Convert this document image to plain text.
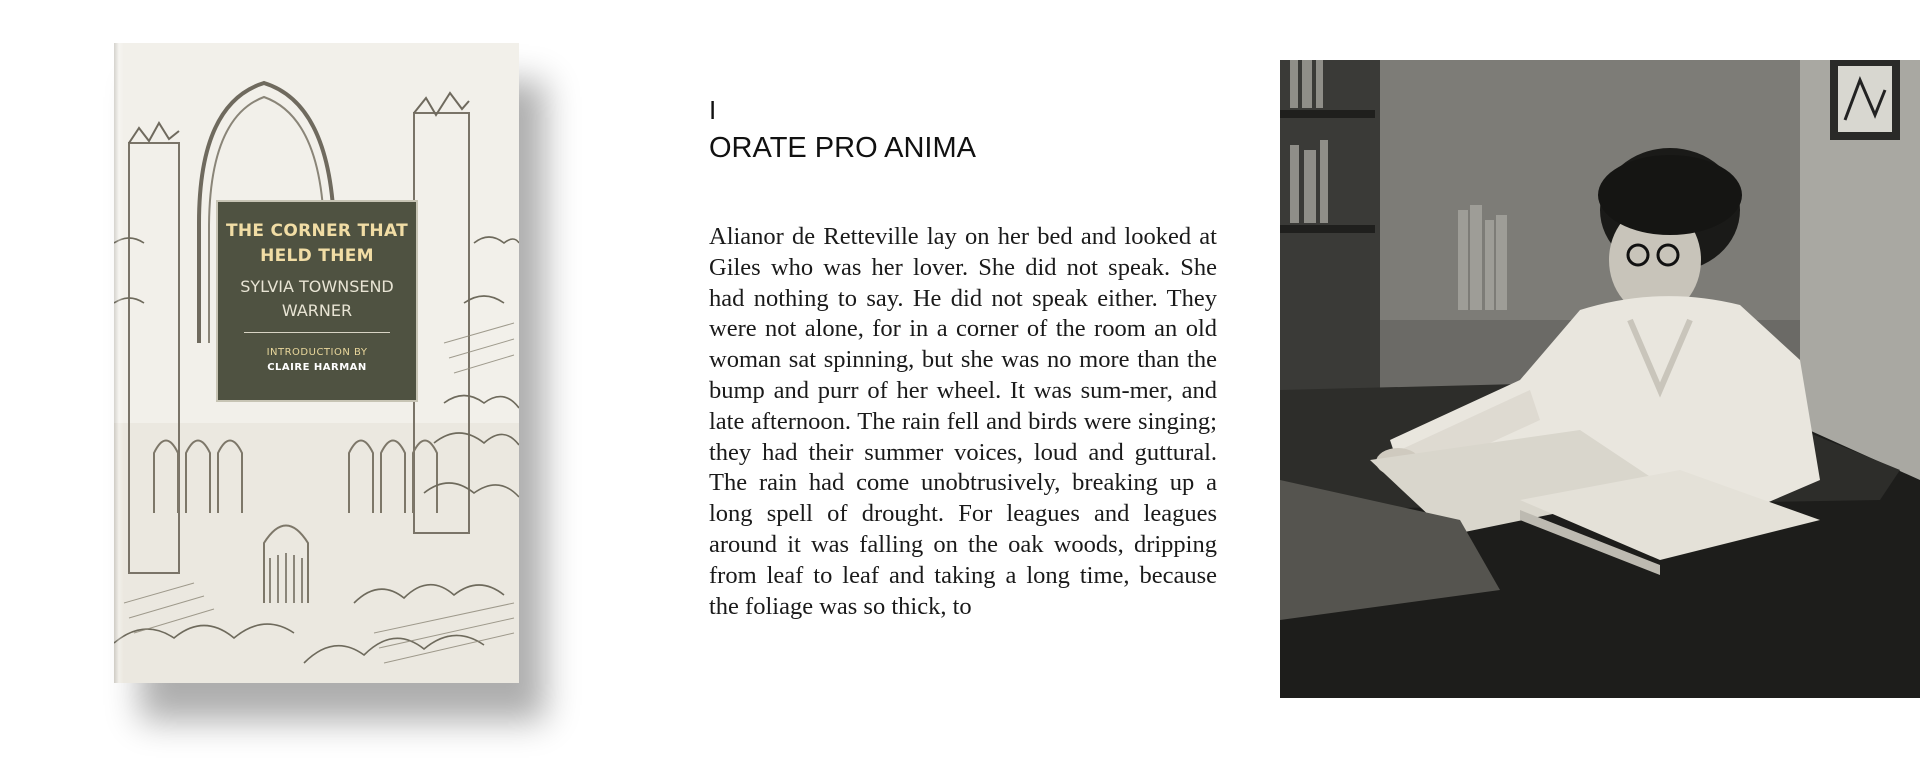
THE CORNER THAT HELD THEM
SYLVIA TOWNSEND WARNER
INTRODUCTION BY
CLAIRE HARMAN
I
ORATE PRO ANIMA

Alianor de Retteville lay on her bed and looked at Giles who was her lover. She did not speak. She had nothing to say. He did not speak either. They were not alone, for in a corner of the room an old woman sat spinning, but she was no more than the bump and purr of her wheel. It was sum-mer, and late afternoon. The rain fell and birds were singing; they had their summer voices, loud and guttural. The rain had come unobtrusively, breaking up a long spell of drought. For leagues and leagues around it was falling on the oak woods, dripping from leaf to leaf and taking a long time, because the foliage was so thick, to
